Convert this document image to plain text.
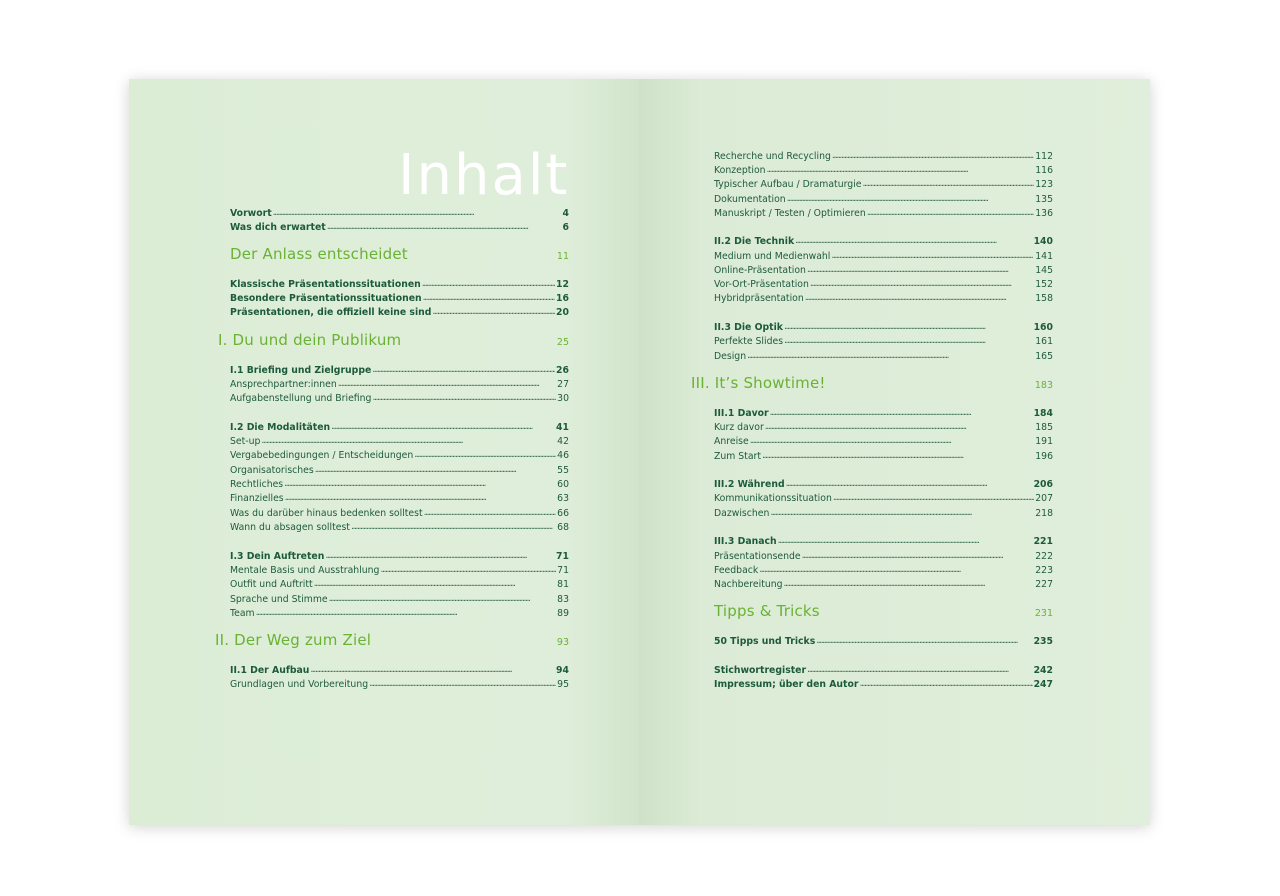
Inhalt
Vorwort . . .	4
Was dich erwartet . . .	6
Der Anlass entscheidet	11
Klassische Präsentationssituationen . . .	12
Besondere Präsentationssituationen . . .	16
Präsentationen, die offiziell keine sind . . .	20
I. Du und dein Publikum	25
I.1 Briefing und Zielgruppe . . .	26
Ansprechpartner:innen . . .	27
Aufgabenstellung und Briefing . . .	30
I.2 Die Modalitäten . . .	41
Set-up . . .	42
Vergabebedingungen / Entscheidungen . . .	46
Organisatorisches . . .	55
Rechtliches . . .	60
Finanzielles . . .	63
Was du darüber hinaus bedenken solltest . . .	66
Wann du absagen solltest . . .	68
I.3 Dein Auftreten . . .	71
Mentale Basis und Ausstrahlung . . .	71
Outfit und Auftritt . . .	81
Sprache und Stimme . . .	83
Team . . .	89
II. Der Weg zum Ziel	93
II.1 Der Aufbau . . .	94
Grundlagen und Vorbereitung . . .	95
Recherche und Recycling . . .	112
Konzeption . . .	116
Typischer Aufbau / Dramaturgie . . .	123
Dokumentation . . .	135
Manuskript / Testen / Optimieren . . .	136
II.2 Die Technik . . .	140
Medium und Medienwahl . . .	141
Online-Präsentation . . .	145
Vor-Ort-Präsentation . . .	152
Hybridpräsentation . . .	158
II.3 Die Optik . . .	160
Perfekte Slides . . .	161
Design . . .	165
III. It’s Showtime!	183
III.1 Davor . . .	184
Kurz davor . . .	185
Anreise . . .	191
Zum Start . . .	196
III.2 Während . . .	206
Kommunikationssituation . . .	207
Dazwischen . . .	218
III.3 Danach . . .	221
Präsentationsende . . .	222
Feedback . . .	223
Nachbereitung . . .	227
Tipps & Tricks	231
50 Tipps und Tricks . . .	235
Stichwortregister . . .	242
Impressum; über den Autor . . .	247
